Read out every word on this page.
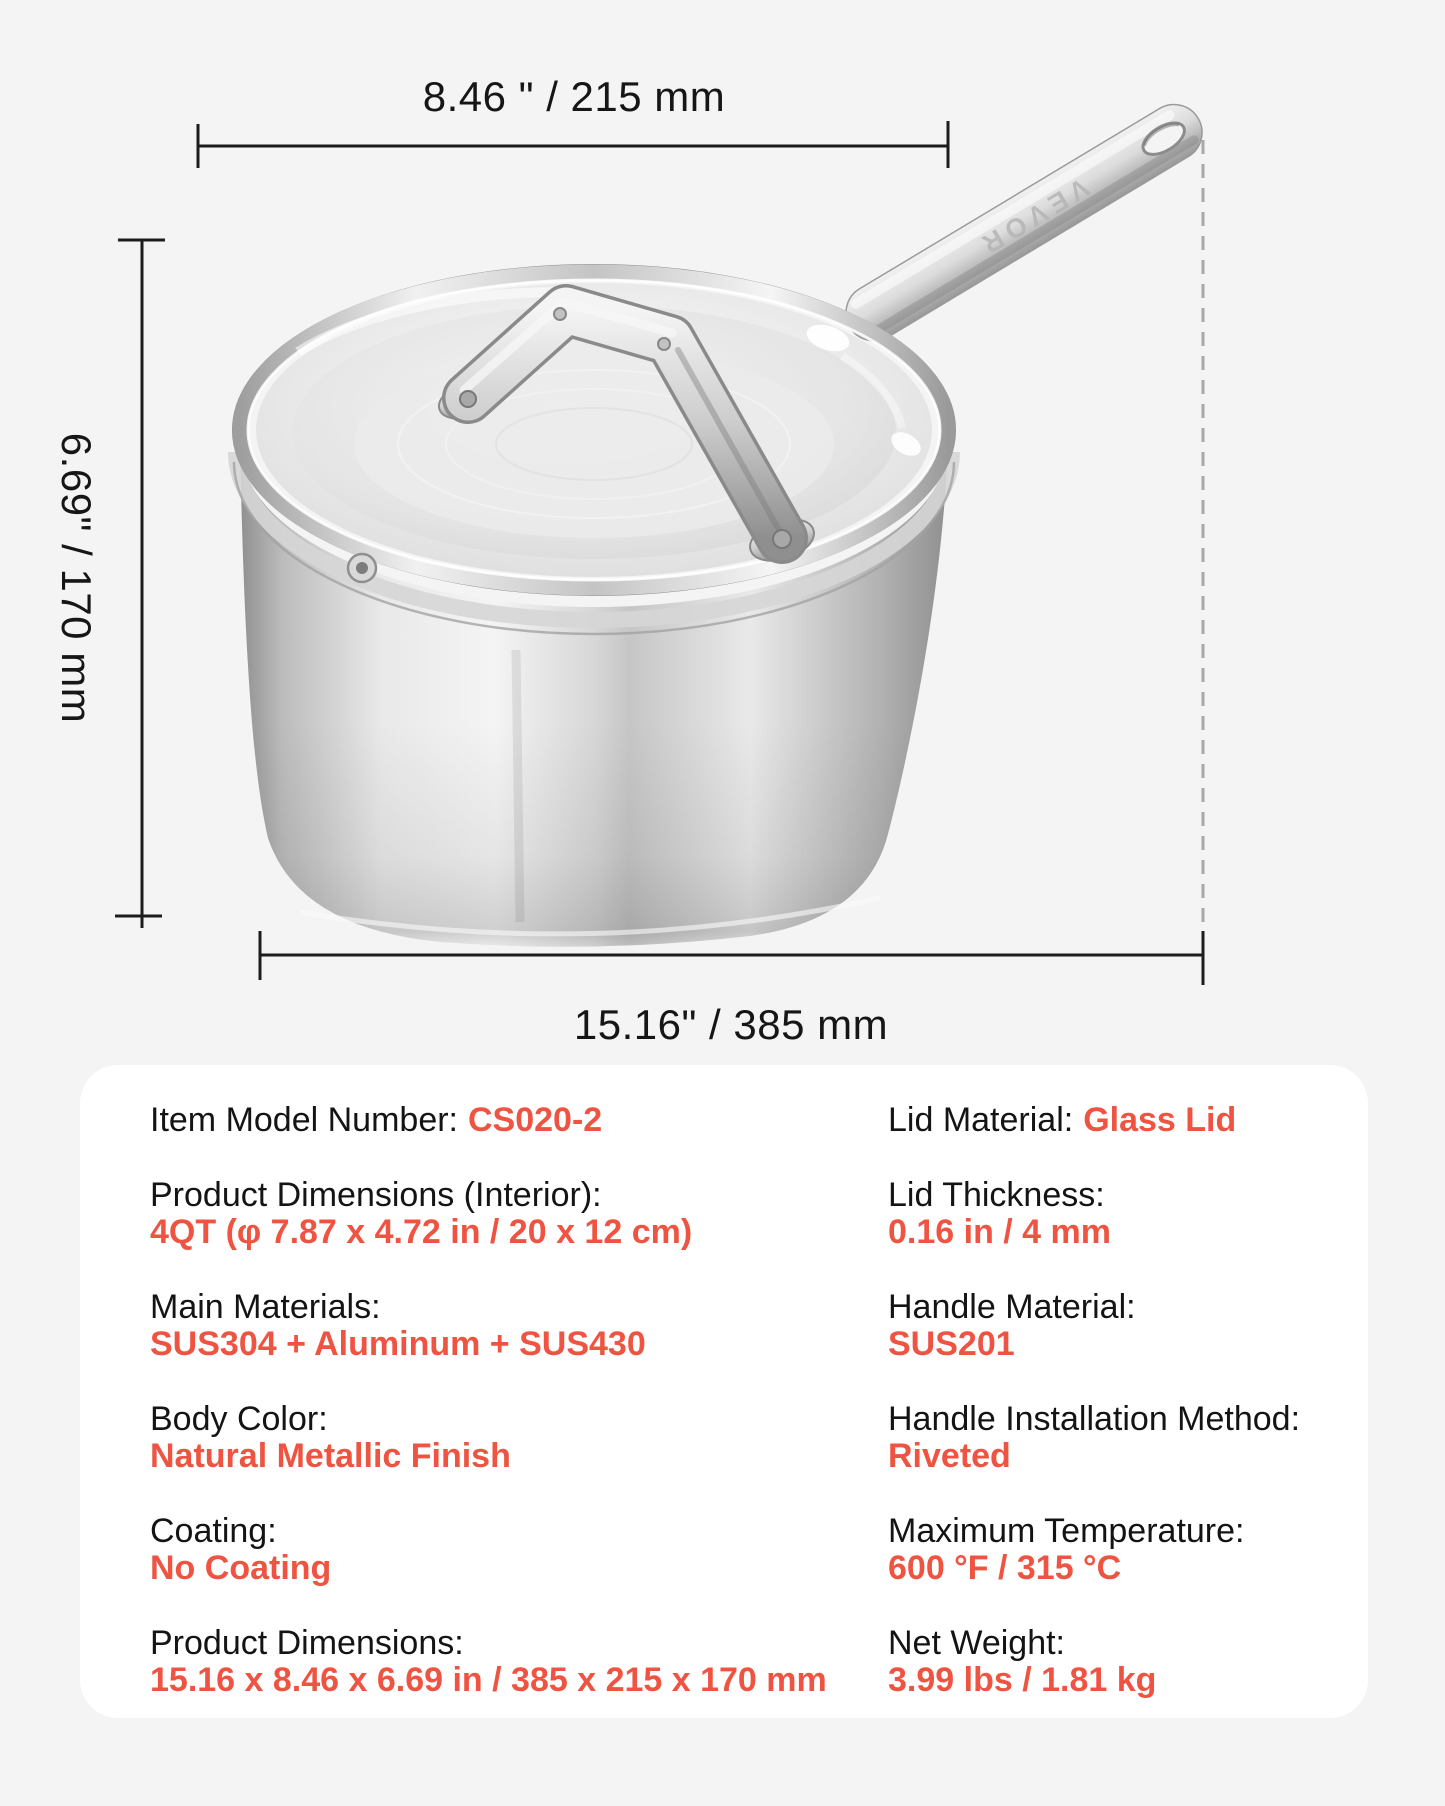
VEVOR
8.46 " / 215 mm
6.69" / 170 mm
15.16" / 385 mm
Item Model Number: CS020-2
Product Dimensions (Interior):
4QT (φ 7.87 x 4.72 in / 20 x 12 cm)
Main Materials:
SUS304 + Aluminum + SUS430
Body Color:
Natural Metallic Finish
Coating:
No Coating
Product Dimensions:
15.16 x 8.46 x 6.69 in / 385 x 215 x 170 mm
Lid Material: Glass Lid
Lid Thickness:
0.16 in / 4 mm
Handle Material:
SUS201
Handle Installation Method:
Riveted
Maximum Temperature:
600 °F / 315 °C
Net Weight:
3.99 lbs / 1.81 kg
